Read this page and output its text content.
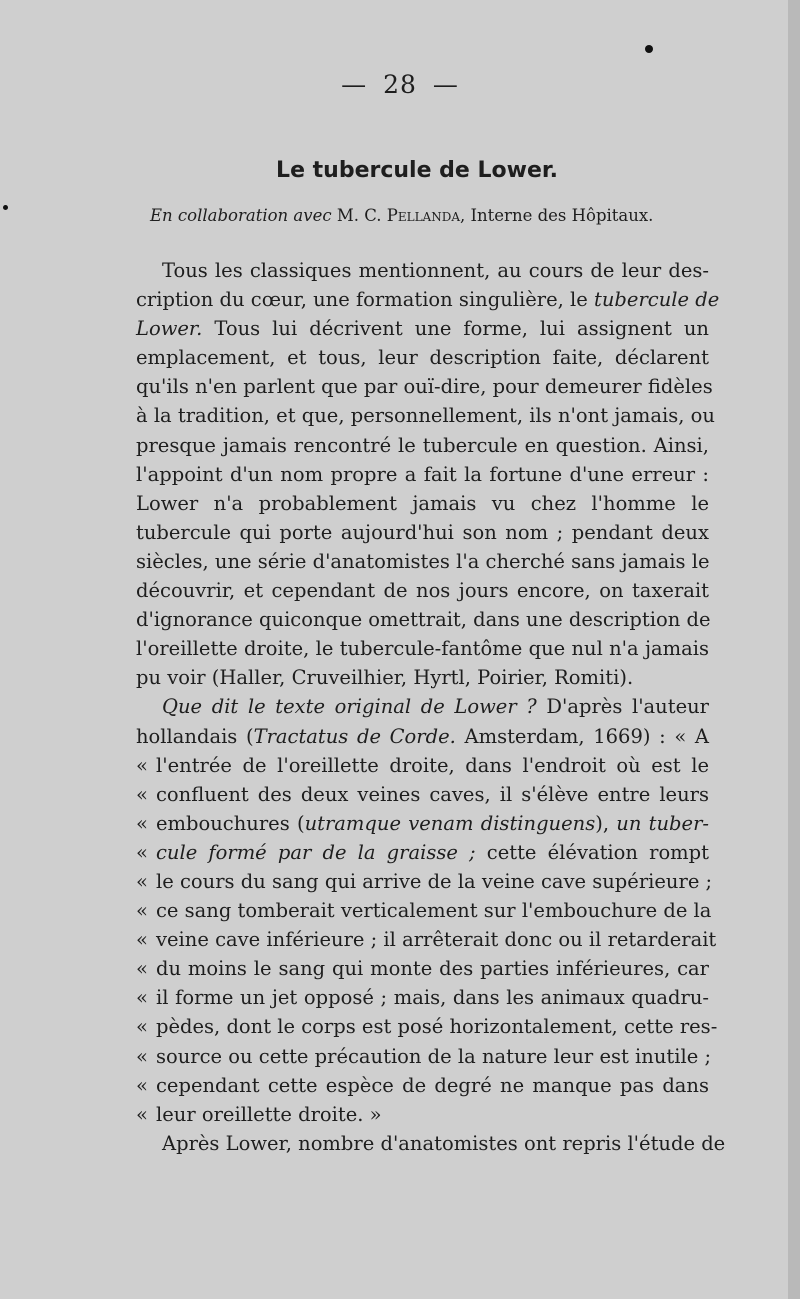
— 28 —
Le tubercule de Lower.
En collaboration avec M. C. Pellanda, Interne des Hôpitaux.
Tous les classiques mentionnent, au cours de leur des-
cription du cœur, une formation singulière, le tubercule de
Lower. Tous lui décrivent une forme, lui assignent un
emplacement, et tous, leur description faite, déclarent
qu'ils n'en parlent que par ouï-dire, pour demeurer fidèles
à la tradition, et que, personnellement, ils n'ont jamais, ou
presque jamais rencontré le tubercule en question. Ainsi,
l'appoint d'un nom propre a fait la fortune d'une erreur :
Lower n'a probablement jamais vu chez l'homme le
tubercule qui porte aujourd'hui son nom ; pendant deux
siècles, une série d'anatomistes l'a cherché sans jamais le
découvrir, et cependant de nos jours encore, on taxerait
d'ignorance quiconque omettrait, dans une description de
l'oreillette droite, le tubercule-fantôme que nul n'a jamais
pu voir (Haller, Cruveilhier, Hyrtl, Poirier, Romiti).
Que dit le texte original de Lower ? D'après l'auteur
hollandais (Tractatus de Corde. Amsterdam, 1669) : « A
« l'entrée de l'oreillette droite, dans l'endroit où est le
« confluent des deux veines caves, il s'élève entre leurs
« embouchures (utramque venam distinguens), un tuber-
« cule formé par de la graisse ; cette élévation rompt
« le cours du sang qui arrive de la veine cave supérieure ;
« ce sang tomberait verticalement sur l'embouchure de la
« veine cave inférieure ; il arrêterait donc ou il retarderait
« du moins le sang qui monte des parties inférieures, car
« il forme un jet opposé ; mais, dans les animaux quadru-
« pèdes, dont le corps est posé horizontalement, cette res-
« source ou cette précaution de la nature leur est inutile ;
« cependant cette espèce de degré ne manque pas dans
« leur oreillette droite. »
Après Lower, nombre d'anatomistes ont repris l'étude de
